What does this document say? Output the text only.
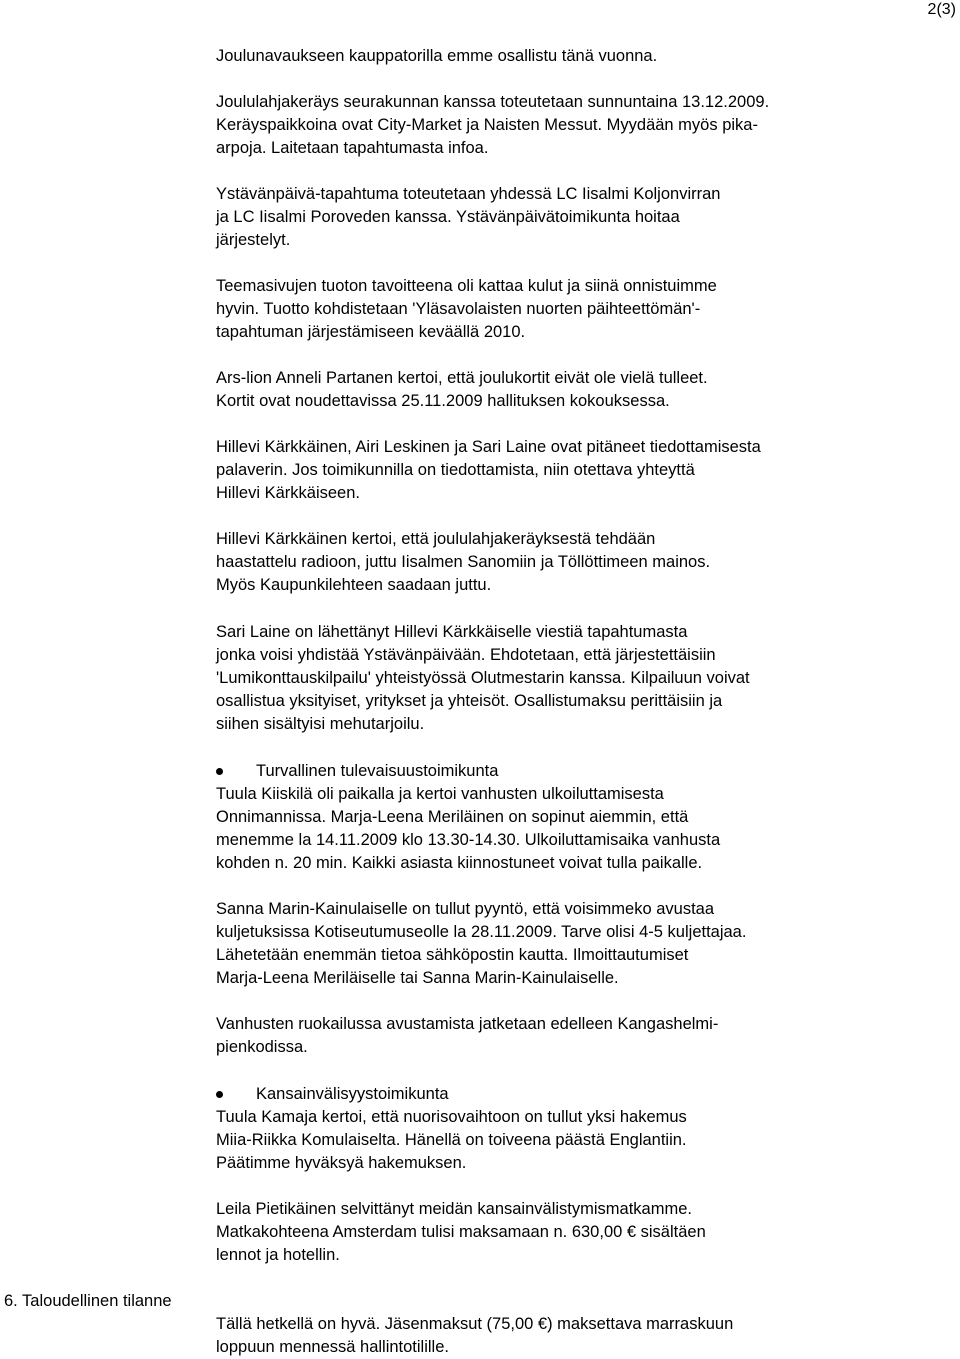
2(3)
Joulunavaukseen kauppatorilla emme osallistu tänä vuonna.
Joululahjakeräys seurakunnan kanssa toteutetaan sunnuntaina 13.12.2009.
Keräyspaikkoina ovat City-Market ja Naisten Messut. Myydään myös pika-
arpoja. Laitetaan tapahtumasta infoa.
Ystävänpäivä-tapahtuma toteutetaan yhdessä LC Iisalmi Koljonvirran
ja LC Iisalmi Poroveden kanssa. Ystävänpäivätoimikunta hoitaa
järjestelyt.
Teemasivujen tuoton tavoitteena oli kattaa kulut ja siinä onnistuimme
hyvin. Tuotto kohdistetaan 'Yläsavolaisten nuorten päihteettömän'-
tapahtuman järjestämiseen keväällä 2010.
Ars-lion Anneli Partanen kertoi, että joulukortit eivät ole vielä tulleet.
Kortit ovat noudettavissa 25.11.2009 hallituksen kokouksessa.
Hillevi Kärkkäinen, Airi Leskinen ja Sari Laine ovat pitäneet tiedottamisesta
palaverin. Jos toimikunnilla on tiedottamista, niin otettava yhteyttä
Hillevi Kärkkäiseen.
Hillevi Kärkkäinen kertoi, että joululahjakeräyksestä tehdään
haastattelu radioon, juttu Iisalmen Sanomiin ja Töllöttimeen mainos.
Myös Kaupunkilehteen saadaan juttu.
Sari Laine on lähettänyt Hillevi Kärkkäiselle viestiä tapahtumasta
jonka voisi yhdistää Ystävänpäivään. Ehdotetaan, että järjestettäisiin
'Lumikonttauskilpailu' yhteistyössä Olutmestarin kanssa. Kilpailuun voivat
osallistua yksityiset, yritykset ja yhteisöt. Osallistumaksu perittäisiin ja
siihen sisältyisi mehutarjoilu.
Turvallinen tulevaisuustoimikunta
Tuula Kiiskilä oli paikalla ja kertoi vanhusten ulkoiluttamisesta
Onnimannissa. Marja-Leena Meriläinen on sopinut aiemmin, että
menemme la 14.11.2009 klo 13.30-14.30. Ulkoiluttamisaika vanhusta
kohden n. 20 min. Kaikki asiasta kiinnostuneet voivat tulla paikalle.
Sanna Marin-Kainulaiselle on tullut pyyntö, että voisimmeko avustaa
kuljetuksissa Kotiseutumuseolle la 28.11.2009. Tarve olisi 4-5 kuljettajaa.
Lähetetään enemmän tietoa sähköpostin kautta. Ilmoittautumiset
Marja-Leena Meriläiselle tai Sanna Marin-Kainulaiselle.
Vanhusten ruokailussa avustamista jatketaan edelleen Kangashelmi-
pienkodissa.
Kansainvälisyystoimikunta
Tuula Kamaja kertoi, että nuorisovaihtoon on tullut yksi hakemus
Miia-Riikka Komulaiselta. Hänellä on toiveena päästä Englantiin.
Päätimme hyväksyä hakemuksen.
Leila Pietikäinen selvittänyt meidän kansainvälistymismatkamme.
Matkakohteena Amsterdam tulisi maksamaan n. 630,00 € sisältäen
lennot ja hotellin.
6. Taloudellinen tilanne
Tällä hetkellä on hyvä. Jäsenmaksut (75,00 €) maksettava marraskuun
loppuun mennessä hallintotilille.
